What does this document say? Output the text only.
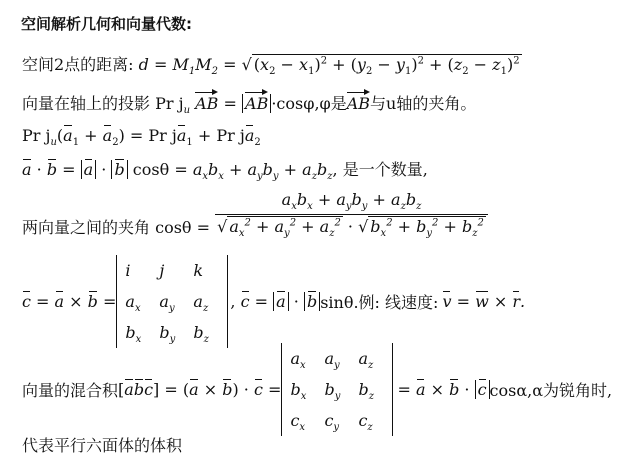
空间解析几何和向量代数:
空间2点的距离: $d = M_1M_2$ = √ $(x_2 - x_1)^2 + (y_2 - y_1)^2 + (z_2 - z_1)^2$
向量在轴上的投影 Pr $j_u$ AB = AB ·cosφ,φ是AB与u轴的夹角。
Pr $j_u(a_1 + a_2) = Pr$ $ja_1 + Pr$ $ja_2$
a · b = a · b $\cos\theta = a_xb_x + a_yb_y + a_zb_z$, 是一个数量,
两向量之间的夹角 $\cos\theta = \frac{a_xb_x + a_yb_y + a_zb_z}{√ a_x^2 + a_y^2 + a_z^2 \cdot √ b_x^2 + b_y^2 + b_z^2}$
c = a × b =
i	j	k
$a_x$	$a_y$	$a_z$
$b_x$	$b_y$	$b_z$
, c = a · b sinθ.例: 线速度: v = w × r.
向量的混合积 [abc] = (a × b) · c =
$a_x$	$a_y$	$a_z$
$b_x$	$b_y$	$b_z$
$c_x$	$c_y$	$c_z$
= a × b · c cosα,α为锐角时,
代表平行六面体的体积
